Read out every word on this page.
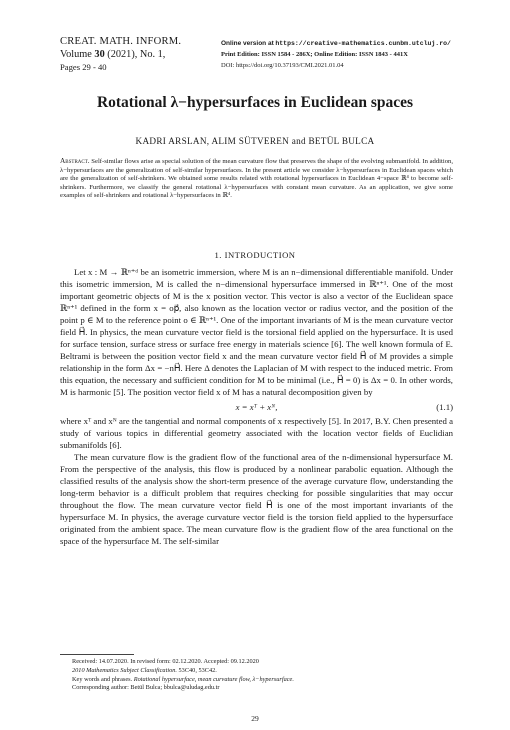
CREAT. MATH. INFORM.
Volume 30 (2021), No. 1,
Pages 29 - 40
Online version at https://creative-mathematics.cunbm.utcluj.ro/
Print Edition: ISSN 1584 - 286X; Online Edition: ISSN 1843 - 441X
DOI: https://doi.org/10.37193/CMI.2021.01.04
Rotational λ−hypersurfaces in Euclidean spaces
KADRI ARSLAN, ALIM SÜTVEREN and BETÜL BULCA
Abstract. Self-similar flows arise as special solution of the mean curvature flow that preserves the shape of the evolving submanifold. In addition, λ−hypersurfaces are the generalization of self-similar hypersurfaces. In the present article we consider λ−hypersurfaces in Euclidean spaces which are the generalization of self-shrinkers. We obtained some results related with rotational hypersurfaces in Euclidean 4−space ℝ⁴ to become self-shrinkers. Furthermore, we classify the general rotational λ−hypersurfaces with constant mean curvature. As an application, we give some examples of self-shrinkers and rotational λ−hypersurfaces in ℝ⁴.
1. INTRODUCTION

Let x : M → ℝⁿ⁺ᵈ be an isometric immersion, where M is an n−dimensional differentiable manifold. Under this isometric immersion, M is called the n−dimensional hypersurface immersed in ℝⁿ⁺¹. One of the most important geometric objects of M is the x position vector. This vector is also a vector of the Euclidean space ℝⁿ⁺¹ defined in the form x = op⃗, also known as the location vector or radius vector, and the position of the point p ∈ M to the reference point o ∈ ℝⁿ⁺¹. One of the important invariants of M is the mean curvature vector field H⃗. In physics, the mean curvature vector field is the torsional field applied on the hypersurface. It is used for surface tension, surface stress or surface free energy in materials science [6]. The well known formula of E. Beltrami is between the position vector field x and the mean curvature vector field H⃗ of M provides a simple relationship in the form Δx = −nH⃗. Here Δ denotes the Laplacian of M with respect to the induced metric. From this equation, the necessary and sufficient condition for M to be minimal (i.e., H⃗ = 0) is Δx = 0. In other words, M is harmonic [5]. The position vector field x of M has a natural decomposition given by

x = xᵀ + xᴺ,	(1.1)

where xᵀ and xᴺ are the tangential and normal components of x respectively [5]. In 2017, B.Y. Chen presented a study of various topics in differential geometry associated with the location vector fields of Euclidian submanifolds [6].

The mean curvature flow is the gradient flow of the functional area of the n-dimensional hypersurface M. From the perspective of the analysis, this flow is produced by a nonlinear parabolic equation. Although the classified results of the analysis show the short-term presence of the average curvature flow, understanding the long-term behavior is a difficult problem that requires checking for possible singularities that may occur throughout the flow. The mean curvature vector field H⃗ is one of the most important invariants of the hypersurface M. In physics, the average curvature vector field is the torsion field applied to the hypersurface originated from the ambient space. The mean curvature flow is the gradient flow of the area functional on the space of the hypersurface M. The self-similar

Received: 14.07.2020. In revised form: 02.12.2020. Accepted: 09.12.2020
2010 Mathematics Subject Classification. 53C40, 53C42.
Key words and phrases. Rotational hypersurface, mean curvature flow, λ−hypersurface.
Corresponding author: Betül Bulca; bbulca@uludag.edu.tr
29
